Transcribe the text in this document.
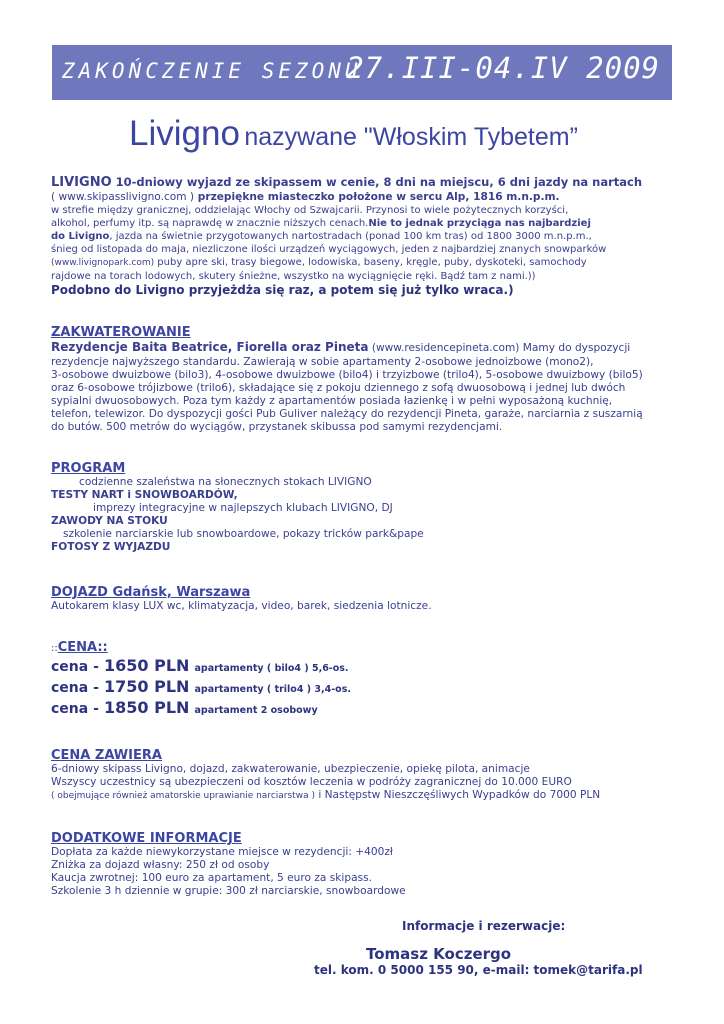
ZAKOŃCZENIE SEZONU
27.III-04.IV 2009
Livigno nazywane "Włoskim Tybetem”
LIVIGNO 10-dniowy wyjazd ze skipassem w cenie, 8 dni na miejscu, 6 dni jazdy na nartach
( www.skipasslivigno.com ) przepiękne miasteczko położone w sercu Alp, 1816 m.n.p.m.
w strefie między granicznej, oddzielając Włochy od Szwajcarii. Przynosi to wiele pożytecznych korzyści,
alkohol, perfumy itp. są naprawdę w znacznie niższych cenach.Nie to jednak przyciąga nas najbardziej
do Livigno, jazda na świetnie przygotowanych nartostradach (ponad 100 km tras) od 1800 3000 m.n.p.m.,
śnieg od listopada do maja, niezliczone ilości urządzeń wyciągowych, jeden z najbardziej znanych snowparków
(www.livignopark.com) puby apre ski, trasy biegowe, lodowiska, baseny, kręgle, puby, dyskoteki, samochody
rajdowe na torach lodowych, skutery śnieżne, wszystko na wyciągnięcie ręki. Bądź tam z nami.))
Podobno do Livigno przyjeżdża się raz, a potem się już tylko wraca.)
ZAKWATEROWANIE
Rezydencje Baita Beatrice, Fiorella oraz Pineta (www.residencepineta.com) Mamy do dyspozycji
rezydencje najwyższego standardu. Zawierają w sobie apartamenty 2-osobowe jednoizbowe (mono2),
3-osobowe dwuizbowe (bilo3), 4-osobowe dwuizbowe (bilo4) i trzyizbowe (trilo4), 5-osobowe dwuizbowy (bilo5)
oraz 6-osobowe trójizbowe (trilo6), składające się z pokoju dziennego z sofą dwuosobową i jednej lub dwóch
sypialni dwuosobowych. Poza tym każdy z apartamentów posiada łazienkę i w pełni wyposażoną kuchnię,
telefon, telewizor. Do dyspozycji gości Pub Guliver należący do rezydencji Pineta, garaże, narciarnia z suszarnią
do butów. 500 metrów do wyciągów, przystanek skibussa pod samymi rezydencjami.
PROGRAM
codzienne szaleństwa na słonecznych stokach LIVIGNO
TESTY NART i SNOWBOARDÓW,
imprezy integracyjne w najlepszych klubach LIVIGNO, DJ
ZAWODY NA STOKU
szkolenie narciarskie lub snowboardowe, pokazy tricków park&pape
FOTOSY Z WYJAZDU
DOJAZD Gdańsk, Warszawa
Autokarem klasy LUX wc, klimatyzacja, video, barek, siedzenia lotnicze.
::CENA::
cena - 1650 PLN apartamenty ( bilo4 ) 5,6-os.
cena - 1750 PLN apartamenty ( trilo4 ) 3,4-os.
cena - 1850 PLN apartament 2 osobowy
CENA ZAWIERA
6-dniowy skipass Livigno, dojazd, zakwaterowanie, ubezpieczenie, opiekę pilota, animacje
Wszyscy uczestnicy są ubezpieczeni od kosztów leczenia w podróży zagranicznej do 10.000 EURO
( obejmujące również amatorskie uprawianie narciarstwa ) i Następstw Nieszczęśliwych Wypadków do 7000 PLN
DODATKOWE INFORMACJE
Dopłata za każde niewykorzystane miejsce w rezydencji: +400zł
Zniżka za dojazd własny: 250 zł od osoby
Kaucja zwrotnej: 100 euro za apartament, 5 euro za skipass.
Szkolenie 3 h dziennie w grupie: 300 zł narciarskie, snowboardowe
Informacje i rezerwacje:
Tomasz Koczergo
tel. kom. 0 5000 155 90, e-mail: tomek@tarifa.pl
